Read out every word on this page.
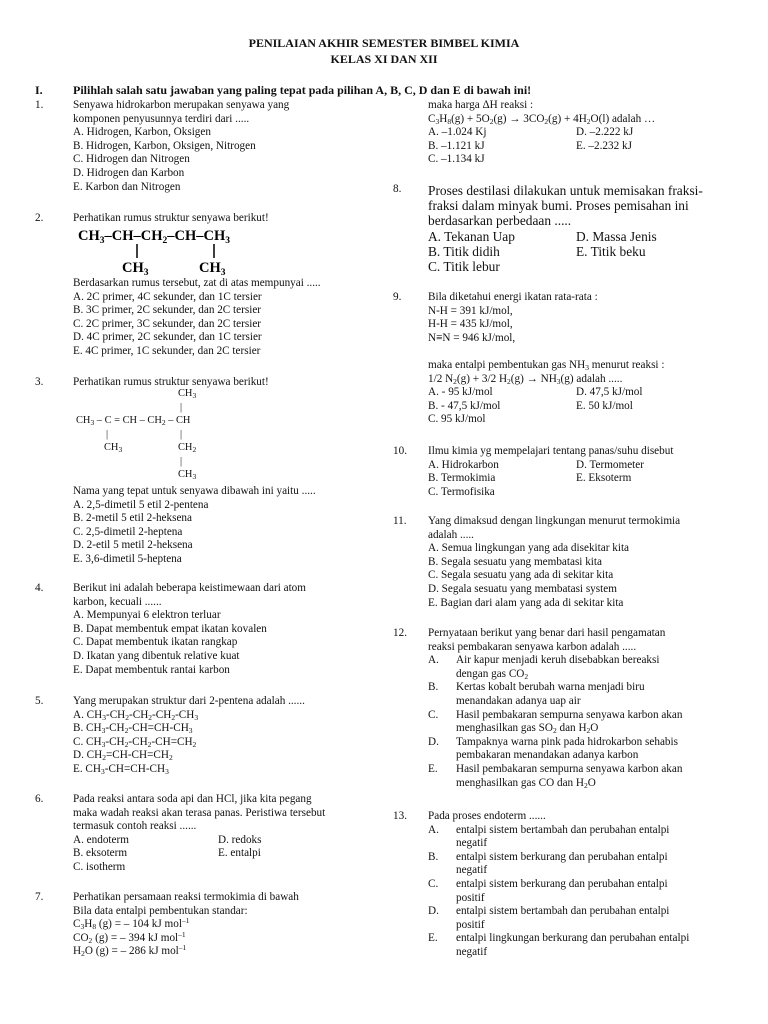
PENILAIAN AKHIR SEMESTER BIMBEL KIMIA
KELAS XI DAN XII
I.	Pilihlah salah satu jawaban yang paling tepat pada pilihan A, B, C, D dan E di bawah ini!
1.	Senyawa hidrokarbon merupakan senyawa yang
komponen penyusunnya terdiri dari .....
A. Hidrogen, Karbon, Oksigen
B. Hidrogen, Karbon, Oksigen, Nitrogen
C. Hidrogen dan Nitrogen
D. Hidrogen dan Karbon
E. Karbon dan Nitrogen
2.	Perhatikan rumus struktur senyawa berikut!
$CH_3-CH-CH_2-CH-CH_3$
$CH_3$	$CH_3$
Berdasarkan rumus tersebut, zat di atas mempunyai .....
A. 2C primer, 4C sekunder, dan 1C tersier
B. 3C primer, 2C sekunder, dan 2C tersier
C. 2C primer, 3C sekunder, dan 2C tersier
D. 4C primer, 2C sekunder, dan 1C tersier
E. 4C primer, 1C sekunder, dan 2C tersier
3.	Perhatikan rumus struktur senyawa berikut!
$CH_3$
|
$CH_3$ – C = CH – $CH_2$ – CH
|	|
$CH_3$	$CH_2$
|
$CH_3$
Nama yang tepat untuk senyawa dibawah ini yaitu .....
A. 2,5-dimetil 5 etil 2-pentena
B. 2-metil 5 etil 2-heksena
C. 2,5-dimetil 2-heptena
D. 2-etil 5 metil 2-heksena
E. 3,6-dimetil 5-heptena
4.	Berikut ini adalah beberapa keistimewaan dari atom
karbon, kecuali ......
A. Mempunyai 6 elektron terluar
B. Dapat membentuk empat ikatan kovalen
C. Dapat membentuk ikatan rangkap
D. Ikatan yang dibentuk relative kuat
E. Dapat membentuk rantai karbon
5.	Yang merupakan struktur dari 2-pentena adalah ......
A. $CH_3-CH_2-CH_2-CH_2-CH_3$
B. $CH_3-CH_2-CH=CH-CH_3$
C. $CH_3-CH_2-CH_2-CH=CH_2$
D. $CH_2=CH-CH=CH_2$
E. $CH_3-CH=CH-CH_3$
6.	Pada reaksi antara soda api dan HCl, jika kita pegang
maka wadah reaksi akan terasa panas. Peristiwa tersebut
termasuk contoh reaksi ......
A. endoterm	D. redoks
B. eksoterm	E. entalpi
C. isotherm
7.	Perhatikan persamaan reaksi termokimia di bawah
Bila data entalpi pembentukan standar:
$C_3H_8$ (g) = – 104 kJ mol$^{-1}$
$CO_2$ (g) = – 394 kJ mol$^{-1}$
$H_2O$ (g) = – 286 kJ mol$^{-1}$
maka harga ΔH reaksi :
$C_3H_8(g) + 5O_2(g) \to 3CO_2(g) + 4H_2O(l)$ adalah …
A. –1.024 Kj	D. –2.222 kJ
B. –1.121 kJ	E. –2.232 kJ
C. –1.134 kJ
8. Proses destilasi dilakukan untuk memisakan fraksi-
fraksi dalam minyak bumi. Proses pemisahan ini
berdasarkan perbedaan .....
A. Tekanan Uap	D. Massa Jenis
B. Titik didih	E. Titik beku
C. Titik lebur
9. Bila diketahui energi ikatan rata-rata :
N-H = 391 kJ/mol,
H-H = 435 kJ/mol,
N≡N = 946 kJ/mol,
maka entalpi pembentukan gas $NH_3$ menurut reaksi :
1/2 $N_2(g) + 3/2$ $H_2(g) \to NH_3(g)$ adalah .....
A. - 95 kJ/mol	D. 47,5 kJ/mol
B. - 47,5 kJ/mol	E. 50 kJ/mol
C. 95 kJ/mol
10. Ilmu kimia yg mempelajari tentang panas/suhu disebut
A. Hidrokarbon	D. Termometer
B. Termokimia	E. Eksoterm
C. Termofisika
11. Yang dimaksud dengan lingkungan menurut termokimia
adalah .....
A. Semua lingkungan yang ada disekitar kita
B. Segala sesuatu yang membatasi kita
C. Segala sesuatu yang ada di sekitar kita
D. Segala sesuatu yang membatasi system
E. Bagian dari alam yang ada di sekitar kita
12. Pernyataan berikut yang benar dari hasil pengamatan
reaksi pembakaran senyawa karbon adalah .....
A. Air kapur menjadi keruh disebabkan bereaksi
dengan gas $CO_2$
B. Kertas kobalt berubah warna menjadi biru
menandakan adanya uap air
C. Hasil pembakaran sempurna senyawa karbon akan
menghasilkan gas $SO_2$ dan $H_2O$
D. Tampaknya warna pink pada hidrokarbon sehabis
pembakaran menandakan adanya karbon
E. Hasil pembakaran sempurna senyawa karbon akan
menghasilkan gas CO dan $H_2O$
13. Pada proses endoterm ......
A. entalpi sistem bertambah dan perubahan entalpi
negatif
B. entalpi sistem berkurang dan perubahan entalpi
negatif
C. entalpi sistem berkurang dan perubahan entalpi
positif
D. entalpi sistem bertambah dan perubahan entalpi
positif
E. entalpi lingkungan berkurang dan perubahan entalpi
negatif
